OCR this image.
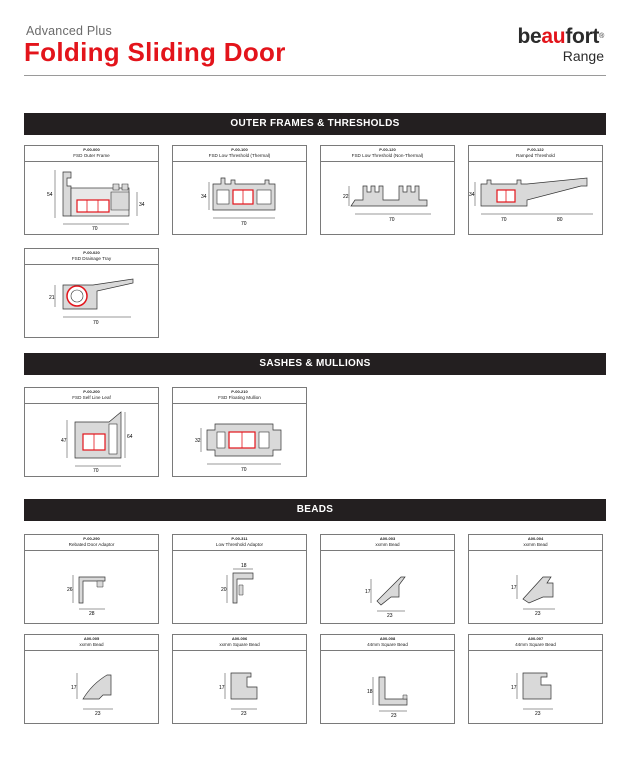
Advanced Plus
Folding Sliding Door
beaufort®
Range
OUTER FRAMES & THRESHOLDS
SASHES & MULLIONS
BEADS
P-00-000
FSD Outer Frame
54
34
70
P-00-100
FSD Low Threshold (Thermal)
34
70
P-00-120
FSD Low Threshold (Non-Thermal)
22
70
P-00-122
Ramped Threshold
34
70	80
P-00-020
FSD Drainage Tray
21
70
P-00-200
FSD Self Line Leaf
47
64
70
P-00-210
FSD Floating Mullion
32
70
P-00-290
Rebated Door Adaptor
26
28
P-00-311
Low Threshold Adaptor
18
20
A00-003
xxmm Bead
17
23
A00-004
xxmm Bead
17
23
A00-005
xxmm Bead
17
23
A00-006
xxmm Square Bead
17
23
A00-008
44mm Square Bead
18
23
A00-007
44mm Square Bead
17
23
